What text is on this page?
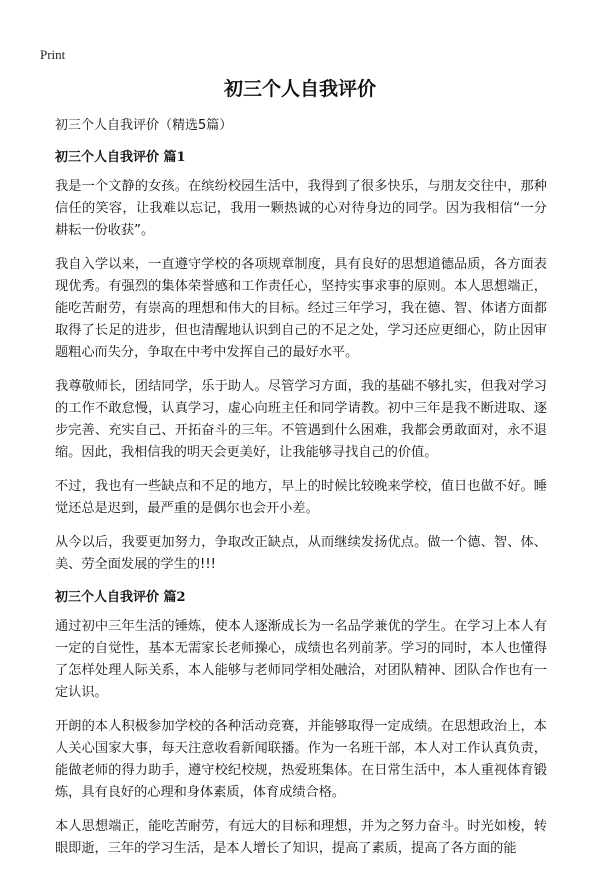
Print
初三个人自我评价

初三个人自我评价（精选5篇）

初三个人自我评价 篇1

我是一个文静的女孩。在缤纷校园生活中，我得到了很多快乐，与朋友交往中，那种信任的笑容，让我难以忘记，我用一颗热诚的心对待身边的同学。因为我相信“一分耕耘一份收获”。

我自入学以来，一直遵守学校的各项规章制度，具有良好的思想道德品质，各方面表现优秀。有强烈的集体荣誉感和工作责任心，坚持实事求事的原则。本人思想端正，能吃苦耐劳，有崇高的理想和伟大的目标。经过三年学习，我在德、智、体诸方面都取得了长足的进步，但也清醒地认识到自己的不足之处，学习还应更细心，防止因审题粗心而失分，争取在中考中发挥自己的最好水平。

我尊敬师长，团结同学，乐于助人。尽管学习方面，我的基础不够扎实，但我对学习的工作不敢怠慢，认真学习，虚心向班主任和同学请教。初中三年是我不断进取、逐步完善、充实自己、开拓奋斗的三年。不管遇到什么困难，我都会勇敢面对，永不退缩。因此，我相信我的明天会更美好，让我能够寻找自己的价值。

不过，我也有一些缺点和不足的地方，早上的时候比较晚来学校，值日也做不好。睡觉还总是迟到，最严重的是偶尔也会开小差。

从今以后，我要更加努力，争取改正缺点，从而继续发扬优点。做一个德、智、体、美、劳全面发展的学生的!!!

初三个人自我评价 篇2

通过初中三年生活的锤炼，使本人逐渐成长为一名品学兼优的学生。在学习上本人有一定的自觉性，基本无需家长老师操心，成绩也名列前茅。学习的同时，本人也懂得了怎样处理人际关系，本人能够与老师同学相处融洽，对团队精神、团队合作也有一定认识。

开朗的本人积极参加学校的各种活动竞赛，并能够取得一定成绩。在思想政治上，本人关心国家大事，每天注意收看新闻联播。作为一名班干部，本人对工作认真负责，能做老师的得力助手，遵守校纪校规，热爱班集体。在日常生活中，本人重视体育锻炼，具有良好的心理和身体素质，体育成绩合格。

本人思想端正，能吃苦耐劳，有远大的目标和理想，并为之努力奋斗。时光如梭，转眼即逝，三年的学习生活，是本人增长了知识，提高了素质，提高了各方面的能
